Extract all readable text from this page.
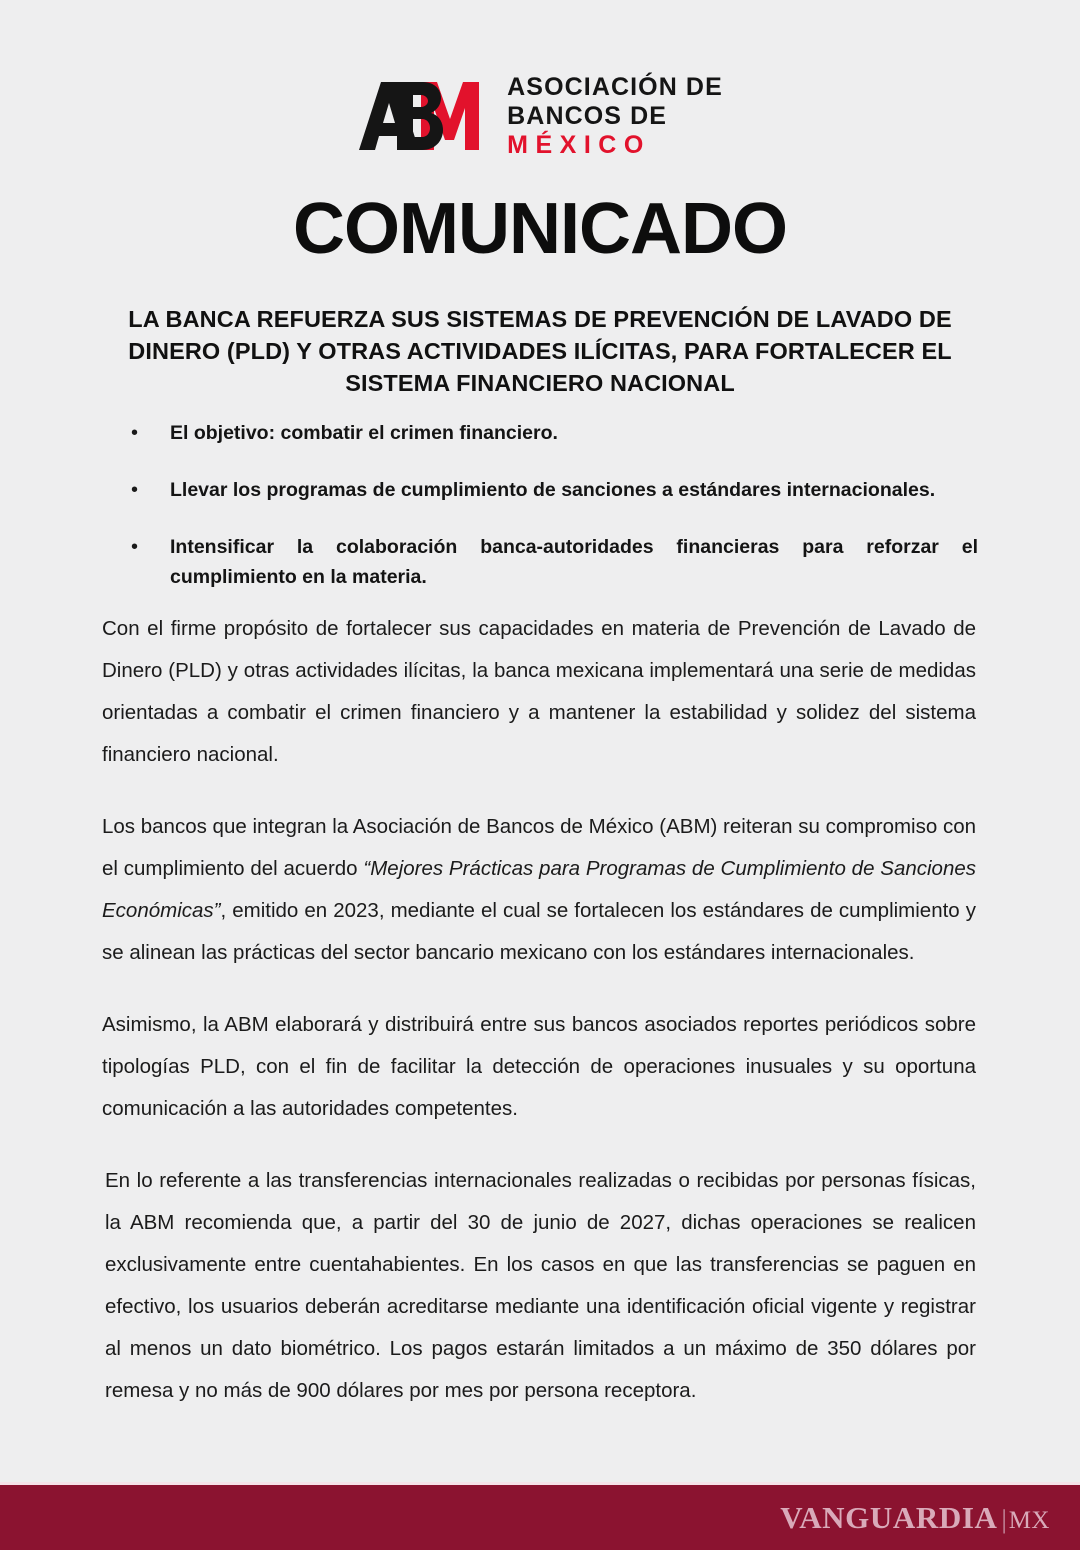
ASOCIACIÓN DE
BANCOS DE
MÉXICO
COMUNICADO
LA BANCA REFUERZA SUS SISTEMAS DE PREVENCIÓN DE LAVADO DE DINERO (PLD) Y OTRAS ACTIVIDADES ILÍCITAS, PARA FORTALECER EL SISTEMA FINANCIERO NACIONAL
•	El objetivo: combatir el crimen financiero.
•	Llevar los programas de cumplimiento de sanciones a estándares internacionales.
•	Intensificar la colaboración banca-autoridades financieras para reforzar el cumplimiento en la materia.

Con el firme propósito de fortalecer sus capacidades en materia de Prevención de Lavado de Dinero (PLD) y otras actividades ilícitas, la banca mexicana implementará una serie de medidas orientadas a combatir el crimen financiero y a mantener la estabilidad y solidez del sistema financiero nacional.

Los bancos que integran la Asociación de Bancos de México (ABM) reiteran su compromiso con el cumplimiento del acuerdo “Mejores Prácticas para Programas de Cumplimiento de Sanciones Económicas”, emitido en 2023, mediante el cual se fortalecen los estándares de cumplimiento y se alinean las prácticas del sector bancario mexicano con los estándares internacionales.

Asimismo, la ABM elaborará y distribuirá entre sus bancos asociados reportes periódicos sobre tipologías PLD, con el fin de facilitar la detección de operaciones inusuales y su oportuna comunicación a las autoridades competentes.

En lo referente a las transferencias internacionales realizadas o recibidas por personas físicas, la ABM recomienda que, a partir del 30 de junio de 2027, dichas operaciones se realicen exclusivamente entre cuentahabientes. En los casos en que las transferencias se paguen en efectivo, los usuarios deberán acreditarse mediante una identificación oficial vigente y registrar al menos un dato biométrico. Los pagos estarán limitados a un máximo de 350 dólares por remesa y no más de 900 dólares por mes por persona receptora.

VANGUARDIA | MX
